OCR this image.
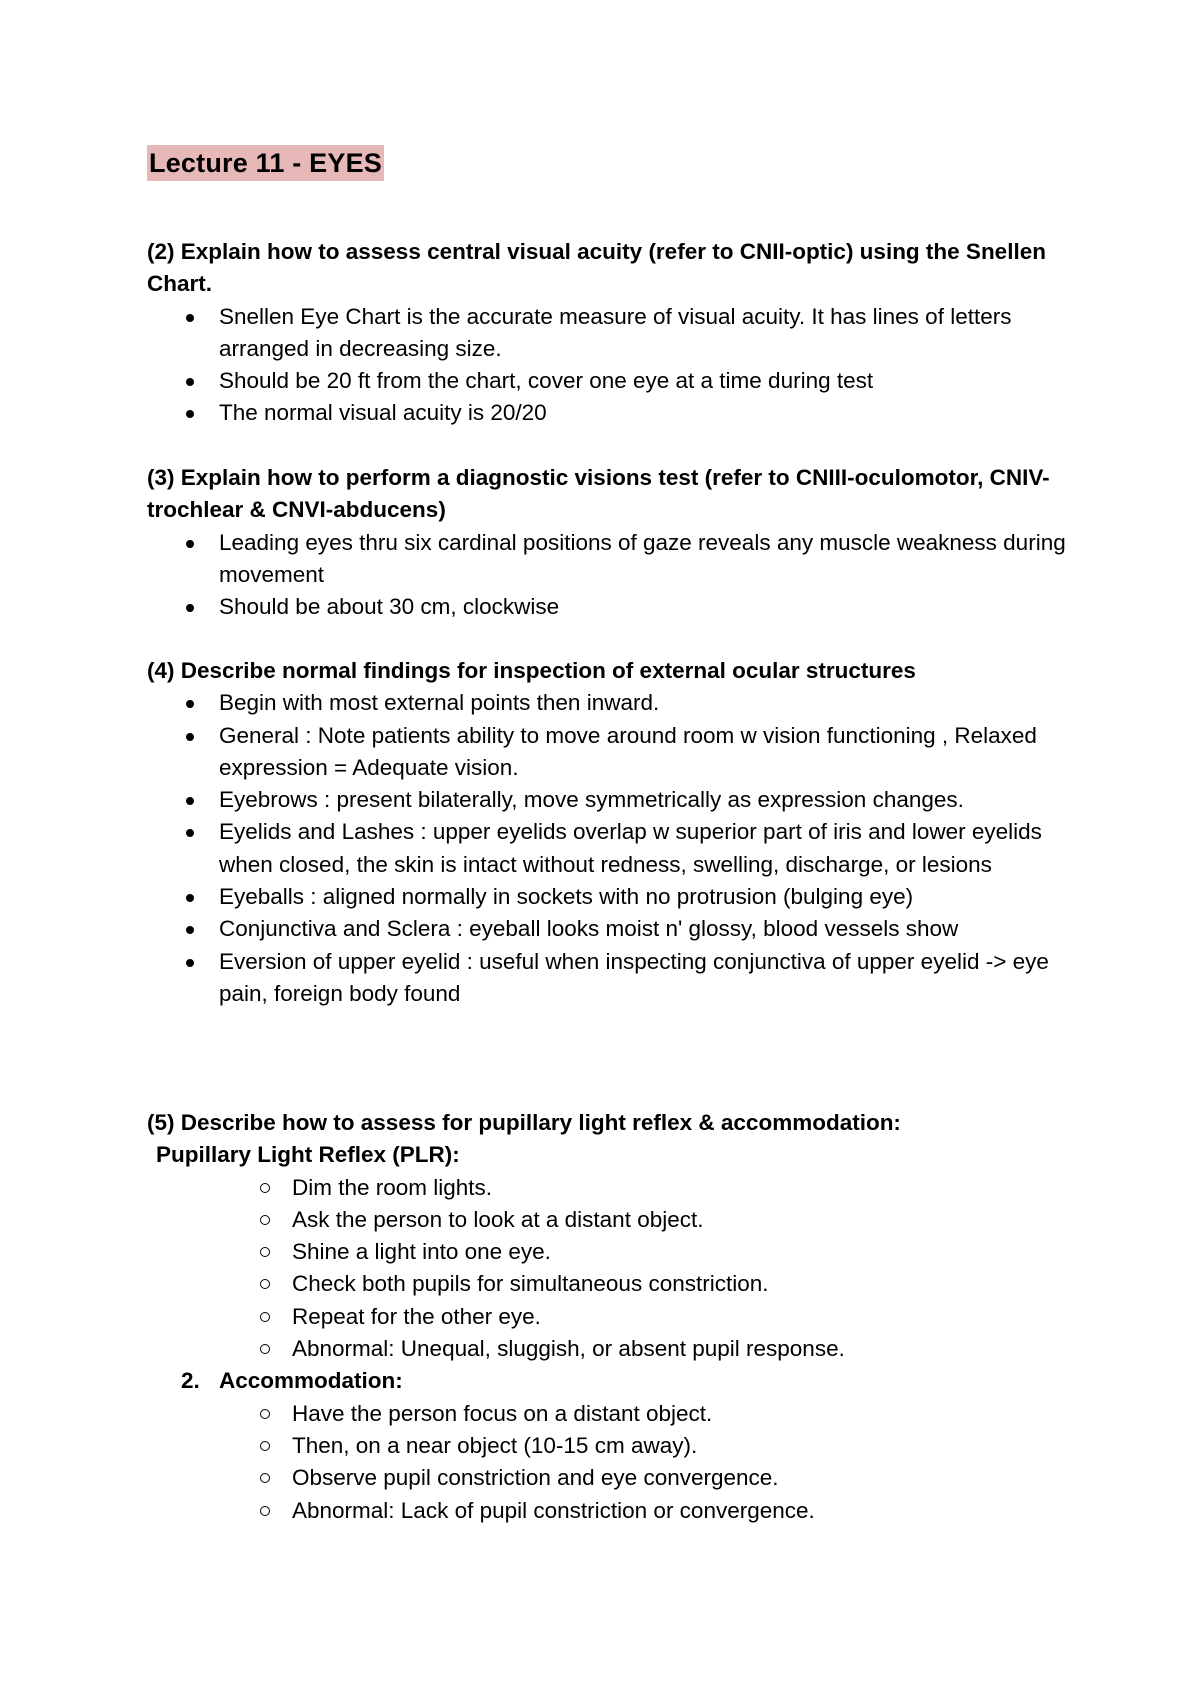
Lecture 11 - EYES

(2) Explain how to assess central visual acuity (refer to CNII-optic) using the Snellen Chart.

Snellen Eye Chart is the accurate measure of visual acuity. It has lines of letters arranged in decreasing size.
Should be 20 ft from the chart, cover one eye at a time during test
The normal visual acuity is 20/20

(3) Explain how to perform a diagnostic visions test (refer to CNIII-oculomotor, CNIV-trochlear & CNVI-abducens)

Leading eyes thru six cardinal positions of gaze reveals any muscle weakness during movement
Should be about 30 cm, clockwise

(4) Describe normal findings for inspection of external ocular structures

Begin with most external points then inward.
General : Note patients ability to move around room w vision functioning , Relaxed expression = Adequate vision.
Eyebrows : present bilaterally, move symmetrically as expression changes.
Eyelids and Lashes : upper eyelids overlap w superior part of iris and lower eyelids when closed, the skin is intact without redness, swelling, discharge, or lesions
Eyeballs : aligned normally in sockets with no protrusion (bulging eye)
Conjunctiva and Sclera : eyeball looks moist n' glossy, blood vessels show
Eversion of upper eyelid : useful when inspecting conjunctiva of upper eyelid -> eye pain, foreign body found

(5) Describe how to assess for pupillary light reflex & accommodation:

Pupillary Light Reflex (PLR):
Dim the room lights.
Ask the person to look at a distant object.
Shine a light into one eye.
Check both pupils for simultaneous constriction.
Repeat for the other eye.
Abnormal: Unequal, sluggish, or absent pupil response.
2. Accommodation:
Have the person focus on a distant object.
Then, on a near object (10-15 cm away).
Observe pupil constriction and eye convergence.
Abnormal: Lack of pupil constriction or convergence.
